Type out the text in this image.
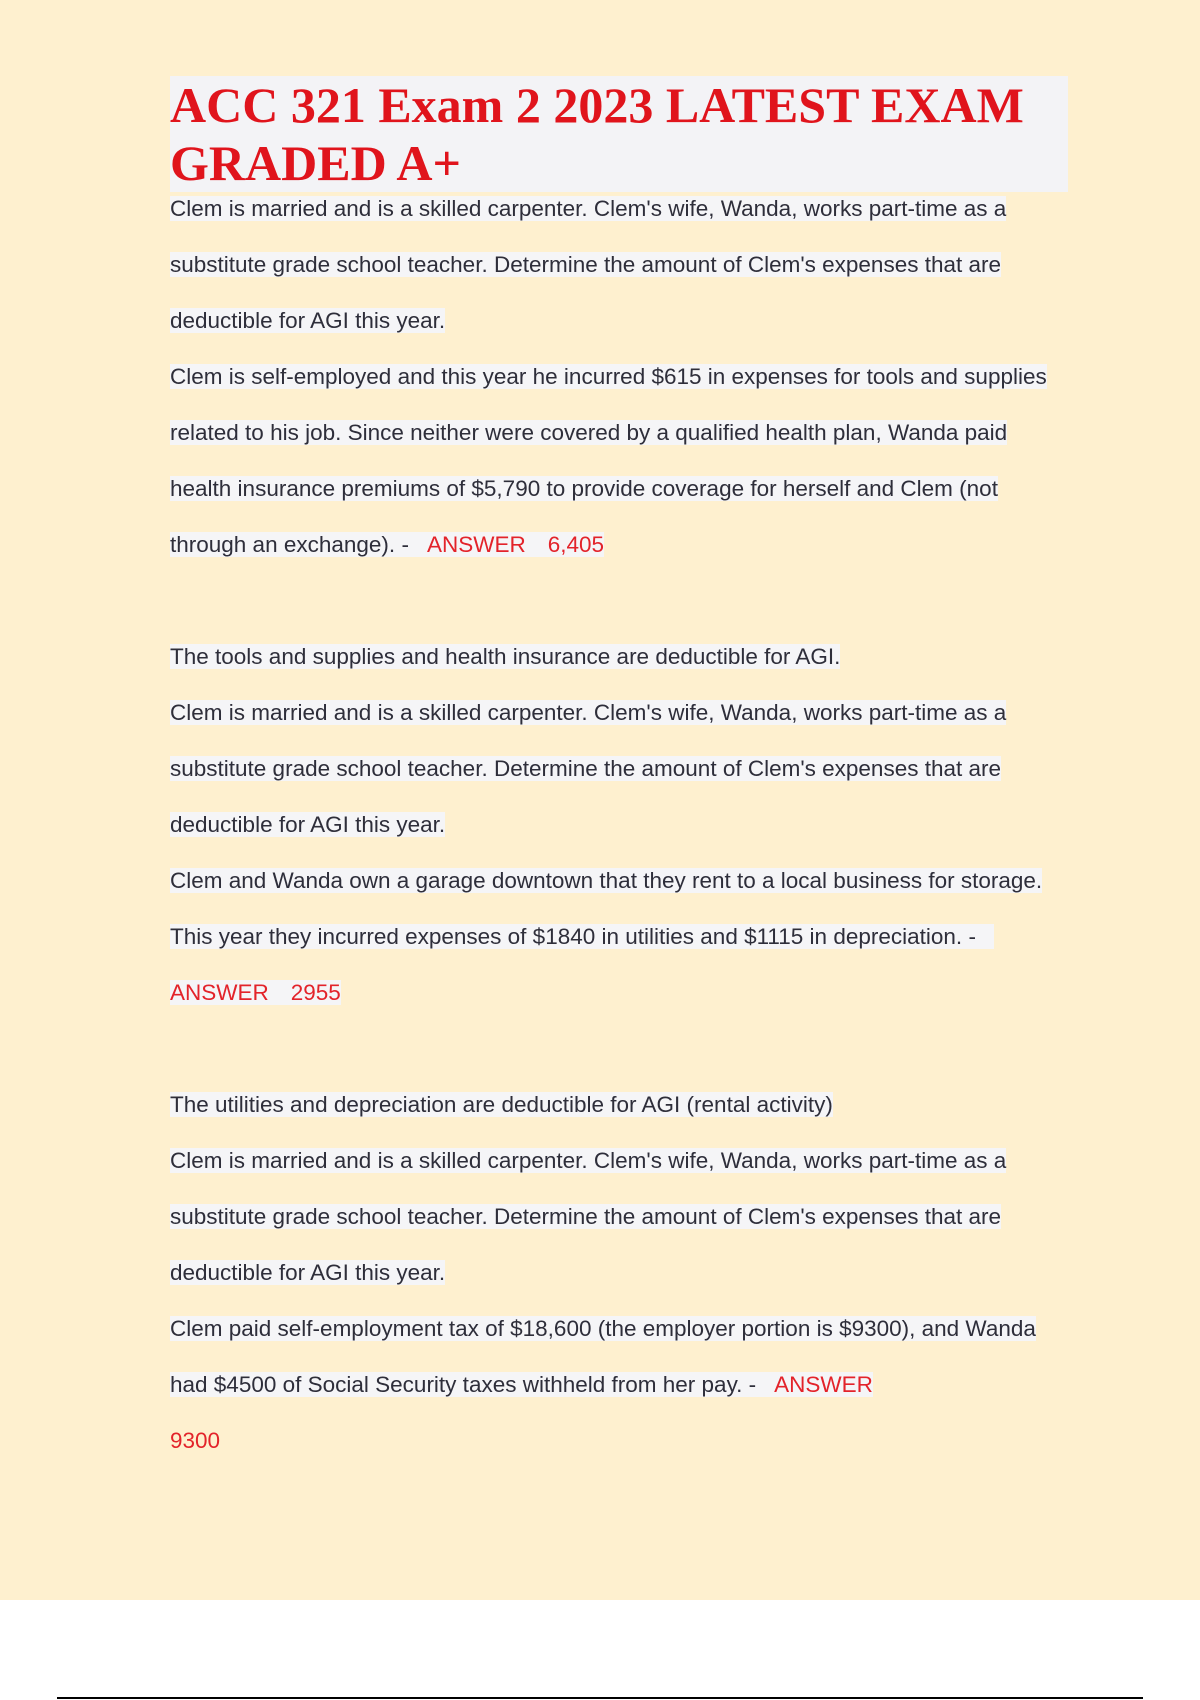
ACC 321 Exam 2 2023 LATEST EXAM GRADED A+
Clem is married and is a skilled carpenter. Clem's wife, Wanda, works part-time as a substitute grade school teacher. Determine the amount of Clem's expenses that are deductible for AGI this year.
Clem is self-employed and this year he incurred $615 in expenses for tools and supplies related to his job. Since neither were covered by a qualified health plan, Wanda paid health insurance premiums of $5,790 to provide coverage for herself and Clem (not through an exchange). - ANSWER 6,405
The tools and supplies and health insurance are deductible for AGI.
Clem is married and is a skilled carpenter. Clem's wife, Wanda, works part-time as a substitute grade school teacher. Determine the amount of Clem's expenses that are deductible for AGI this year.
Clem and Wanda own a garage downtown that they rent to a local business for storage. This year they incurred expenses of $1840 in utilities and $1115 in depreciation. -ANSWER 2955
The utilities and depreciation are deductible for AGI (rental activity)
Clem is married and is a skilled carpenter. Clem's wife, Wanda, works part-time as a substitute grade school teacher. Determine the amount of Clem's expenses that are deductible for AGI this year.
Clem paid self-employment tax of $18,600 (the employer portion is $9300), and Wanda had $4500 of Social Security taxes withheld from her pay. - ANSWER
9300
